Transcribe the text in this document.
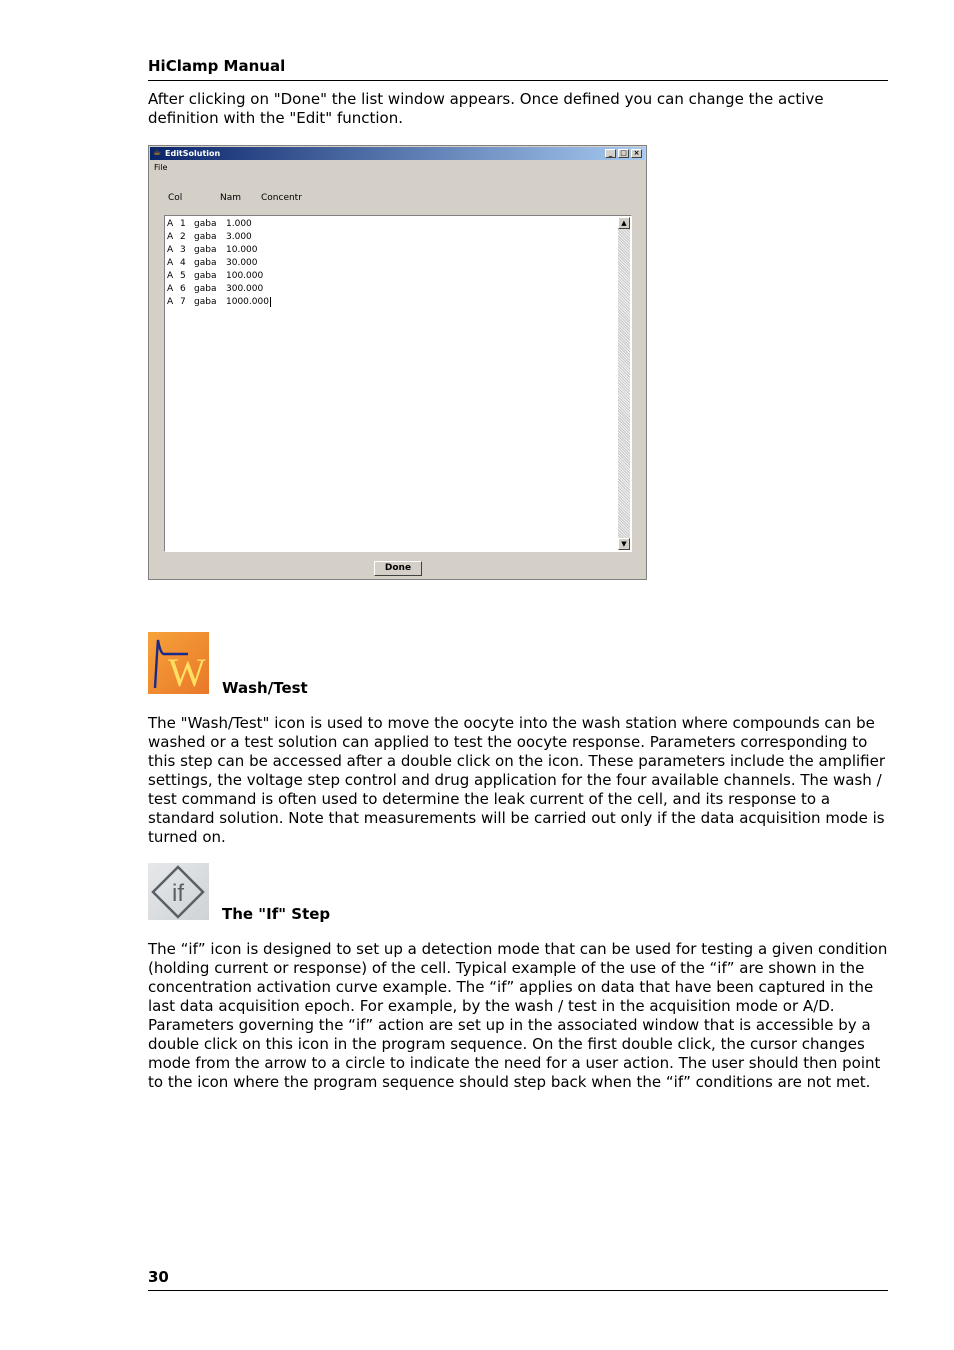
HiClamp Manual

After clicking on "Done" the list window appears. Once defined you can change the active definition with the "Edit" function.

☕ EditSolution	_	□ ×
File
Col	Nam Concentr
A 1 gaba 1.000
A 2 gaba 3.000
A 3 gaba 10.000
A 4 gaba 30.000
A 5 gaba 100.000
A 6 gaba 300.000
A 7 gaba 1000.000
▲
▼
Done
W Wash/Test

The "Wash/Test" icon is used to move the oocyte into the wash station where compounds can be washed or a test solution can applied to test the oocyte response. Parameters corresponding to this step can be accessed after a double click on the icon. These parameters include the amplifier settings, the voltage step control and drug application for the four available channels. The wash / test command is often used to determine the leak current of the cell, and its response to a standard solution. Note that measurements will be carried out only if the data acquisition mode is turned on.

if
The "If" Step

The “if” icon is designed to set up a detection mode that can be used for testing a given condition (holding current or response) of the cell. Typical example of the use of the “if” are shown in the concentration activation curve example. The “if” applies on data that have been captured in the last data acquisition epoch. For example, by the wash / test in the acquisition mode or A/D. Parameters governing the “if” action are set up in the associated window that is accessible by a double click on this icon in the program sequence. On the first double click, the cursor changes mode from the arrow to a circle to indicate the need for a user action. The user should then point to the icon where the program sequence should step back when the “if” conditions are not met.

30
